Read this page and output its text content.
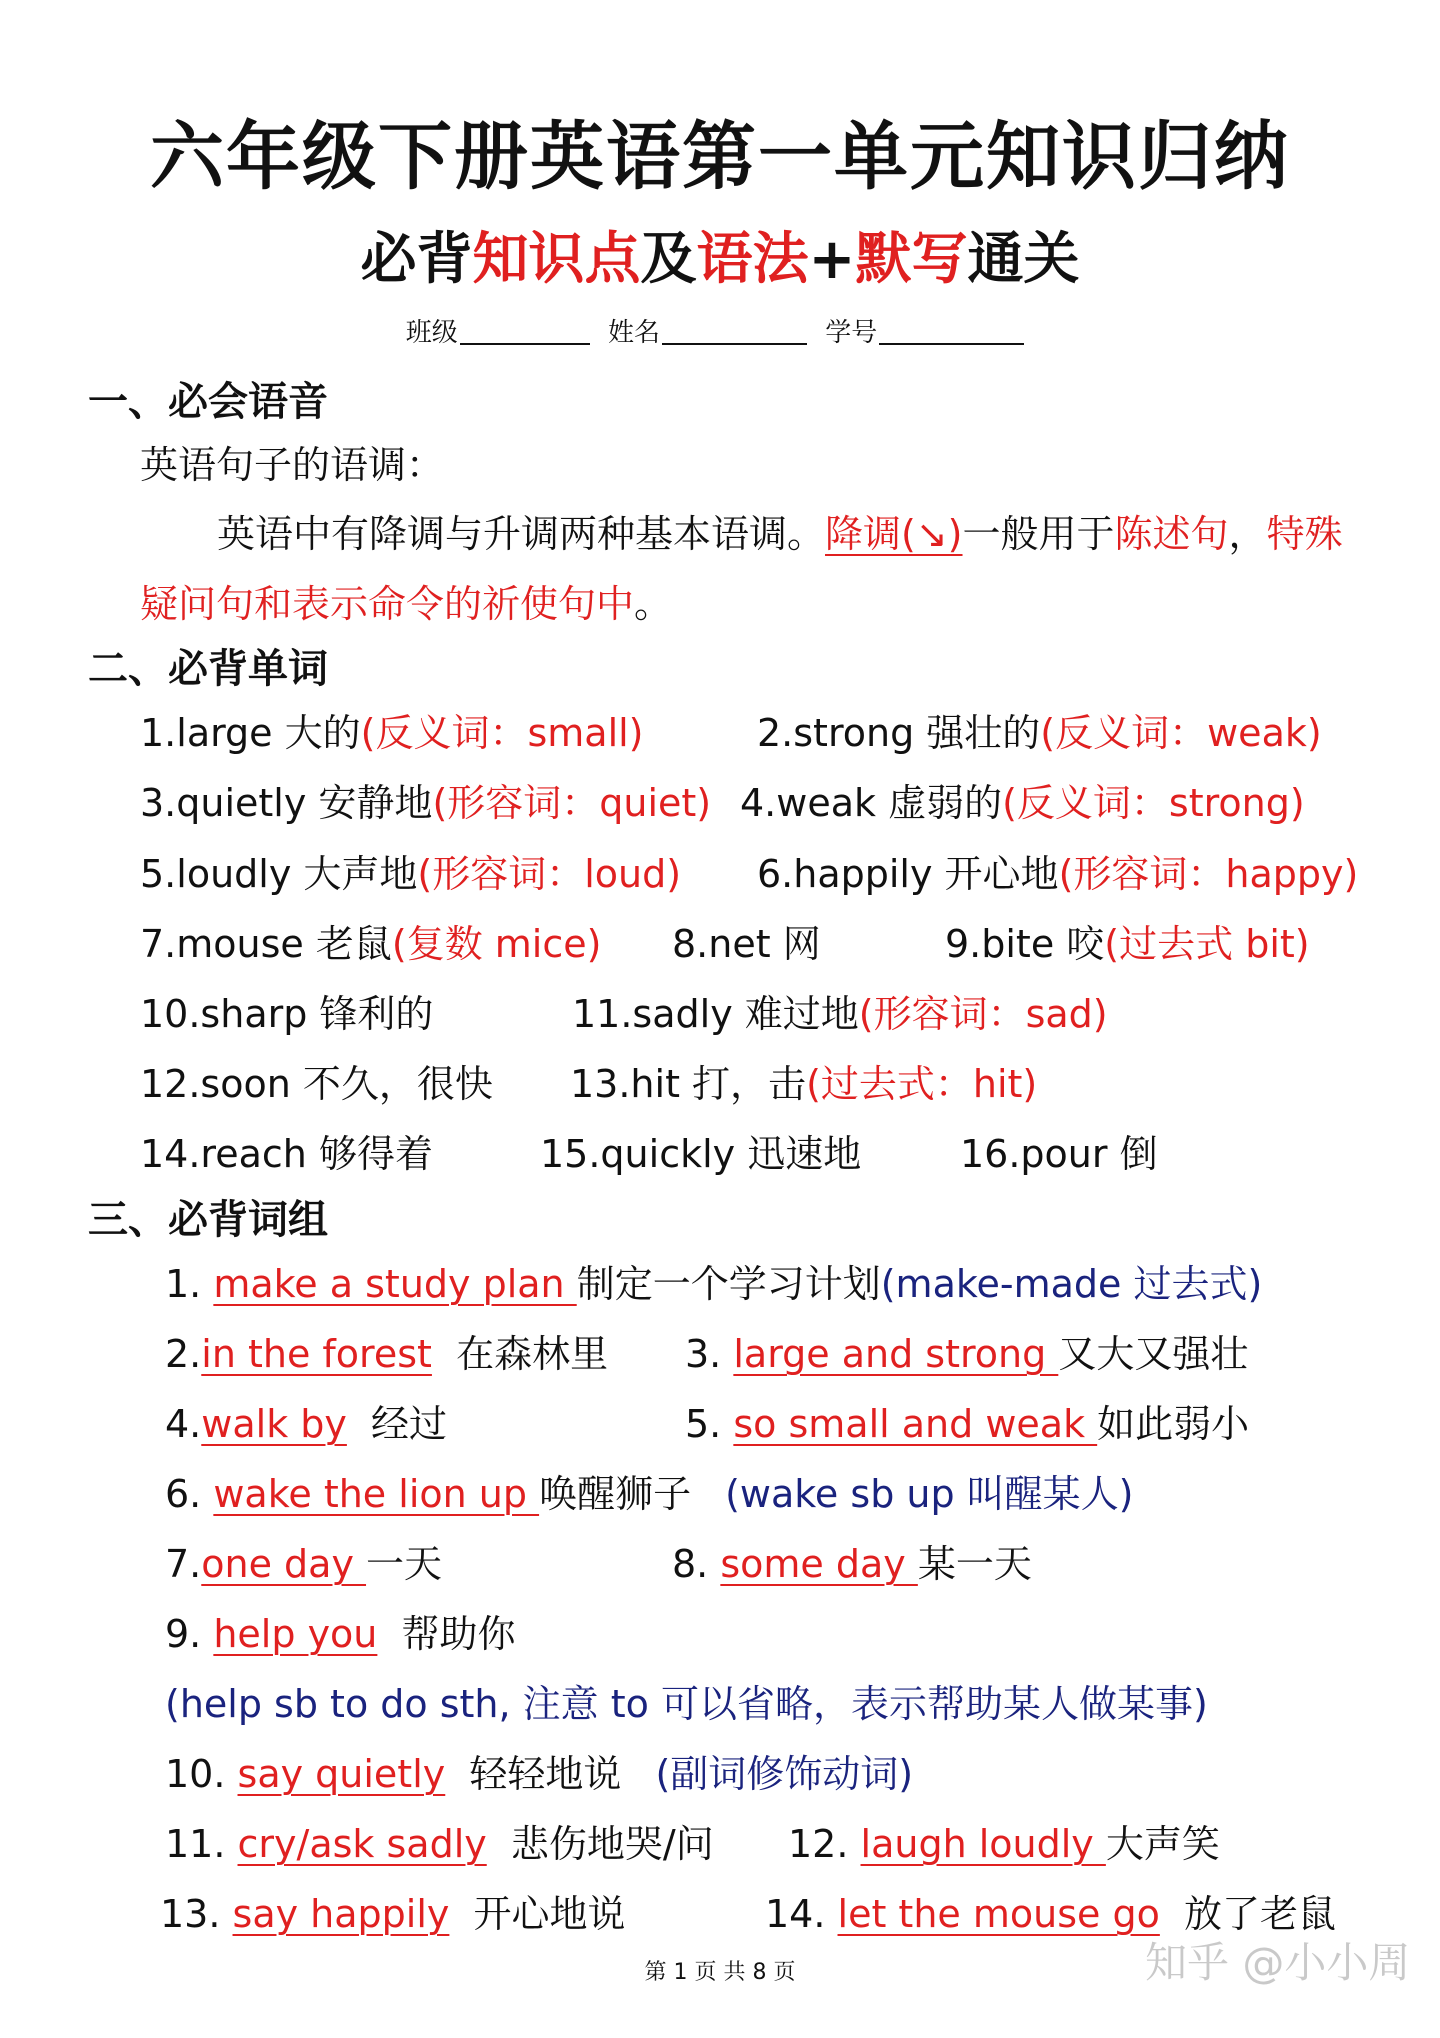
六年级下册英语第一单元知识归纳
必背知识点及语法+默写通关
班级	姓名	学号
一、必会语音
英语句子的语调：
英语中有降调与升调两种基本语调。降调(↘)一般用于陈述句，特殊
疑问句和表示命令的祈使句中。
二、必背单词
1.large 大的(反义词：small)	2.strong 强壮的(反义词：weak)
3.quietly 安静地(形容词：quiet) 4.weak 虚弱的(反义词：strong)
5.loudly 大声地(形容词：loud) 6.happily 开心地(形容词：happy)
7.mouse 老鼠(复数 mice) 8.net 网	9.bite 咬(过去式 bit)
10.sharp 锋利的	11.sadly 难过地(形容词：sad)
12.soon 不久，很快 13.hit 打，击(过去式：hit)
14.reach 够得着	15.quickly 迅速地	16.pour 倒
三、必背词组
1. make a study plan 制定一个学习计划(make-made 过去式)
2.in the forest  在森林里 3. large and strong 又大又强壮
4.walk by  经过	5. so small and weak 如此弱小
6. wake the lion up 唤醒狮子 (wake sb up 叫醒某人)
7.one day 一天	8. some day 某一天
9. help you  帮助你
(help sb to do sth, 注意 to 可以省略，表示帮助某人做某事)
10. say quietly  轻轻地说 (副词修饰动词)
11. cry/ask sadly  悲伤地哭/问 12. laugh loudly 大声笑
13. say happily  开心地说	14. let the mouse go  放了老鼠
第 1 页 共 8 页	知乎 @小小周
